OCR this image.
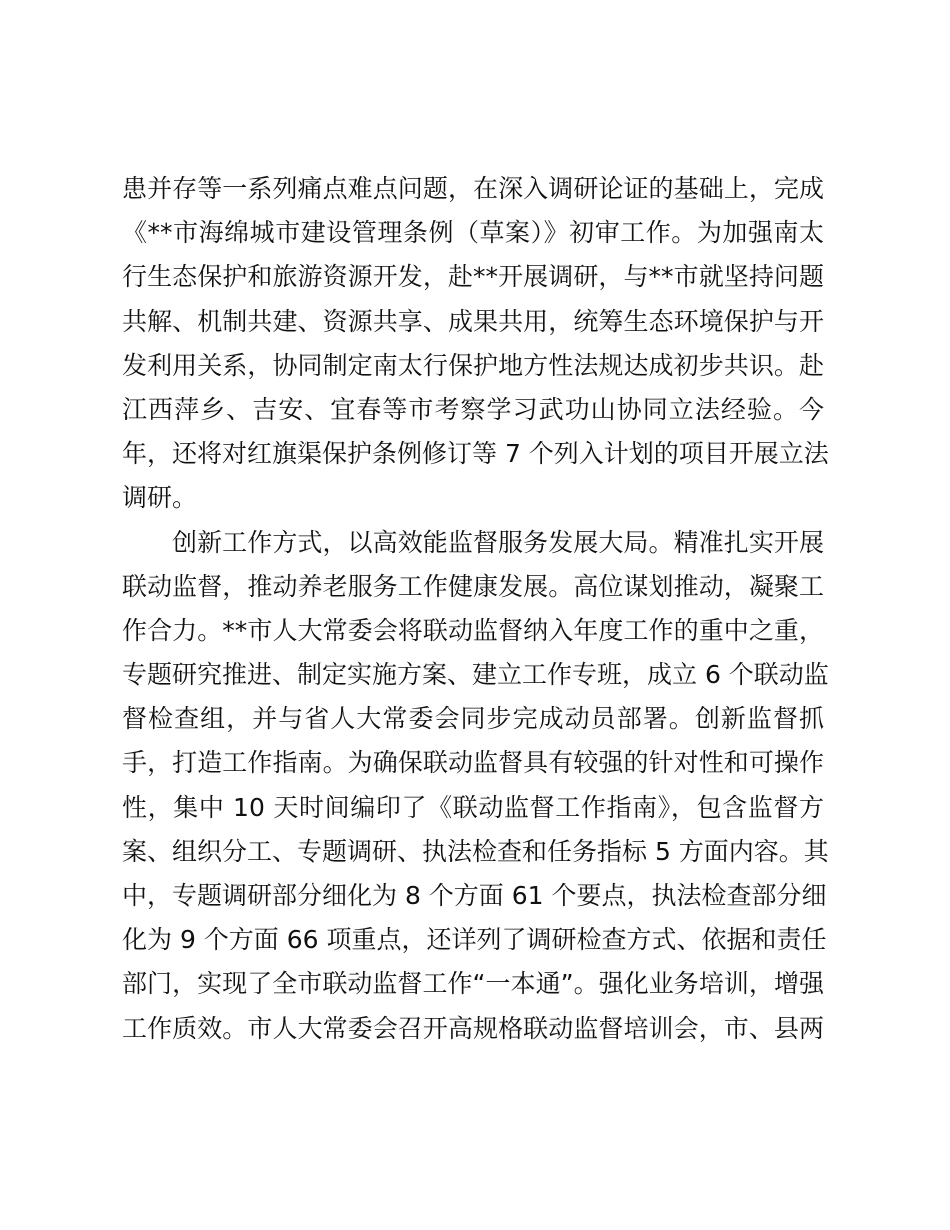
患并存等一系列痛点难点问题，在深入调研论证的基础上，完成
《**市海绵城市建设管理条例（草案）》初审工作。为加强南太
行生态保护和旅游资源开发，赴**开展调研，与**市就坚持问题
共解、机制共建、资源共享、成果共用，统筹生态环境保护与开
发利用关系，协同制定南太行保护地方性法规达成初步共识。赴
江西萍乡、吉安、宜春等市考察学习武功山协同立法经验。今
年，还将对红旗渠保护条例修订等 7 个列入计划的项目开展立法
调研。
创新工作方式，以高效能监督服务发展大局。精准扎实开展
联动监督，推动养老服务工作健康发展。高位谋划推动，凝聚工
作合力。**市人大常委会将联动监督纳入年度工作的重中之重，
专题研究推进、制定实施方案、建立工作专班，成立 6 个联动监
督检查组，并与省人大常委会同步完成动员部署。创新监督抓
手，打造工作指南。为确保联动监督具有较强的针对性和可操作
性，集中 10 天时间编印了《联动监督工作指南》，包含监督方
案、组织分工、专题调研、执法检查和任务指标 5 方面内容。其
中，专题调研部分细化为 8 个方面 61 个要点，执法检查部分细
化为 9 个方面 66 项重点，还详列了调研检查方式、依据和责任
部门，实现了全市联动监督工作“一本通”。强化业务培训，增强
工作质效。市人大常委会召开高规格联动监督培训会，市、县两
